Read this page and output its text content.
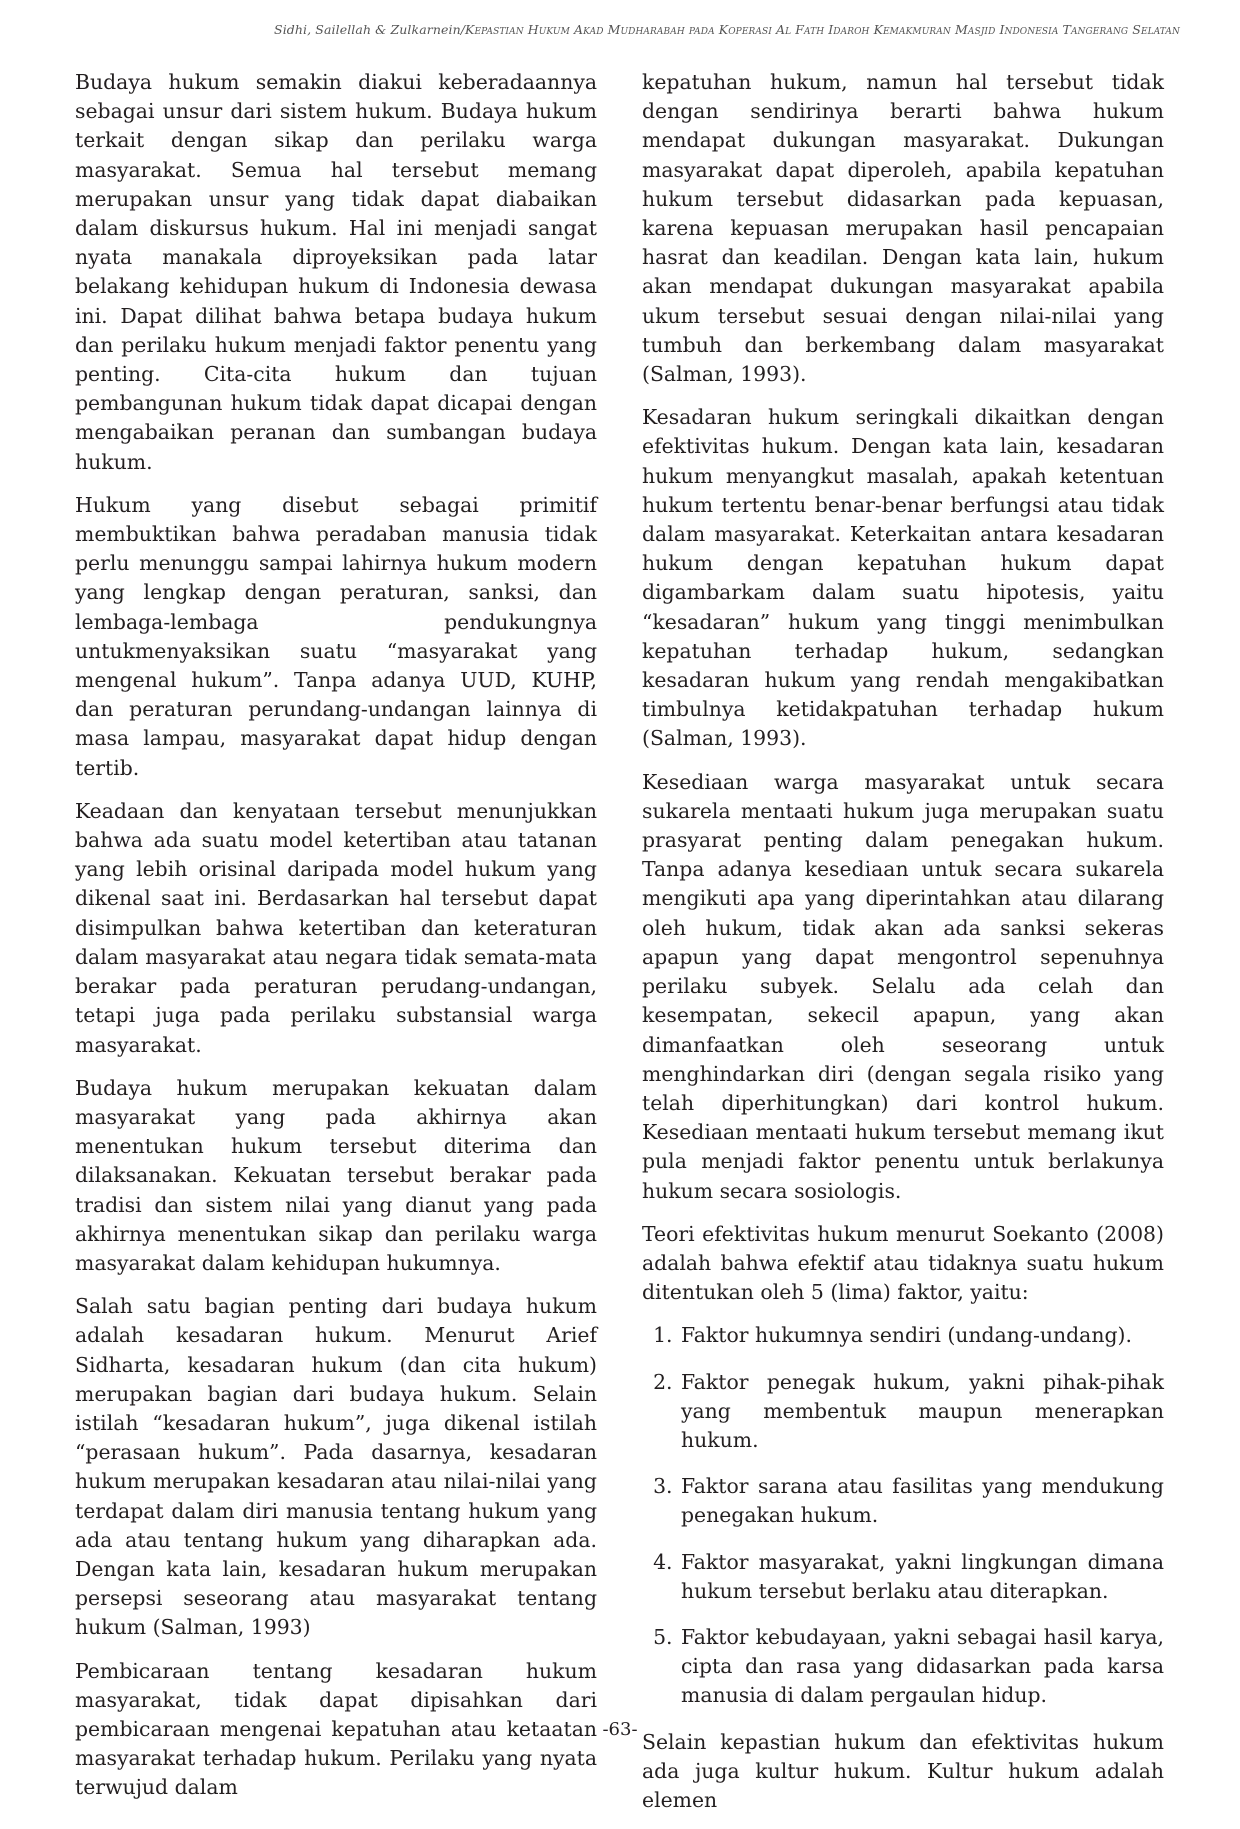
Sidhi, Sailellah & Zulkarnein/Kepastian Hukum Akad Mudharabah pada Koperasi Al Fath Idaroh Kemakmuran Masjid Indonesia Tangerang Selatan

Budaya hukum semakin diakui keberadaannya sebagai unsur dari sistem hukum. Budaya hukum terkait dengan sikap dan perilaku warga masyarakat. Semua hal tersebut memang merupakan unsur yang tidak dapat diabaikan dalam diskursus hukum. Hal ini menjadi sangat nyata manakala diproyeksikan pada latar belakang kehidupan hukum di Indonesia dewasa ini. Dapat dilihat bahwa betapa budaya hukum dan perilaku hukum menjadi faktor penentu yang penting. Cita-cita hukum dan tujuan pembangunan hukum tidak dapat dicapai dengan mengabaikan peranan dan sumbangan budaya hukum.

Hukum yang disebut sebagai primitif membuktikan bahwa peradaban manusia tidak perlu menunggu sampai lahirnya hukum modern yang lengkap dengan peraturan, sanksi, dan lembaga-lembaga pendukungnya untukmenyaksikan suatu “masyarakat yang mengenal hukum”. Tanpa adanya UUD, KUHP, dan peraturan perundang-undangan lainnya di masa lampau, masyarakat dapat hidup dengan tertib.

Keadaan dan kenyataan tersebut menunjukkan bahwa ada suatu model ketertiban atau tatanan yang lebih orisinal daripada model hukum yang dikenal saat ini. Berdasarkan hal tersebut dapat disimpulkan bahwa ketertiban dan keteraturan dalam masyarakat atau negara tidak semata-mata berakar pada peraturan perudang-undangan, tetapi juga pada perilaku substansial warga masyarakat.

Budaya hukum merupakan kekuatan dalam masyarakat yang pada akhirnya akan menentukan hukum tersebut diterima dan dilaksanakan. Kekuatan tersebut berakar pada tradisi dan sistem nilai yang dianut yang pada akhirnya menentukan sikap dan perilaku warga masyarakat dalam kehidupan hukumnya.

Salah satu bagian penting dari budaya hukum adalah kesadaran hukum. Menurut Arief Sidharta, kesadaran hukum (dan cita hukum) merupakan bagian dari budaya hukum. Selain istilah “kesadaran hukum”, juga dikenal istilah “perasaan hukum”. Pada dasarnya, kesadaran hukum merupakan kesadaran atau nilai-nilai yang terdapat dalam diri manusia tentang hukum yang ada atau tentang hukum yang diharapkan ada. Dengan kata lain, kesadaran hukum merupakan persepsi seseorang atau masyarakat tentang hukum (Salman, 1993)

Pembicaraan tentang kesadaran hukum masyarakat, tidak dapat dipisahkan dari pembicaraan mengenai kepatuhan atau ketaatan masyarakat terhadap hukum. Perilaku yang nyata terwujud dalam

kepatuhan hukum, namun hal tersebut tidak dengan sendirinya berarti bahwa hukum mendapat dukungan masyarakat. Dukungan masyarakat dapat diperoleh, apabila kepatuhan hukum tersebut didasarkan pada kepuasan, karena kepuasan merupakan hasil pencapaian hasrat dan keadilan. Dengan kata lain, hukum akan mendapat dukungan masyarakat apabila ukum tersebut sesuai dengan nilai-nilai yang tumbuh dan berkembang dalam masyarakat (Salman, 1993).

Kesadaran hukum seringkali dikaitkan dengan efektivitas hukum. Dengan kata lain, kesadaran hukum menyangkut masalah, apakah ketentuan hukum tertentu benar-benar berfungsi atau tidak dalam masyarakat. Keterkaitan antara kesadaran hukum dengan kepatuhan hukum dapat digambarkam dalam suatu hipotesis, yaitu “kesadaran” hukum yang tinggi menimbulkan kepatuhan terhadap hukum, sedangkan kesadaran hukum yang rendah mengakibatkan timbulnya ketidakpatuhan terhadap hukum (Salman, 1993).

Kesediaan warga masyarakat untuk secara sukarela mentaati hukum juga merupakan suatu prasyarat penting dalam penegakan hukum. Tanpa adanya kesediaan untuk secara sukarela mengikuti apa yang diperintahkan atau dilarang oleh hukum, tidak akan ada sanksi sekeras apapun yang dapat mengontrol sepenuhnya perilaku subyek. Selalu ada celah dan kesempatan, sekecil apapun, yang akan dimanfaatkan oleh seseorang untuk menghindarkan diri (dengan segala risiko yang telah diperhitungkan) dari kontrol hukum. Kesediaan mentaati hukum tersebut memang ikut pula menjadi faktor penentu untuk berlakunya hukum secara sosiologis.

Teori efektivitas hukum menurut Soekanto (2008) adalah bahwa efektif atau tidaknya suatu hukum ditentukan oleh 5 (lima) faktor, yaitu:

1. Faktor hukumnya sendiri (undang-undang).
2. Faktor penegak hukum, yakni pihak-pihak yang membentuk maupun menerapkan hukum.
3. Faktor sarana atau fasilitas yang mendukung penegakan hukum.
4. Faktor masyarakat, yakni lingkungan dimana hukum tersebut berlaku atau diterapkan.
5. Faktor kebudayaan, yakni sebagai hasil karya, cipta dan rasa yang didasarkan pada karsa manusia di dalam pergaulan hidup.

Selain kepastian hukum dan efektivitas hukum ada juga kultur hukum. Kultur hukum adalah elemen

-63-
